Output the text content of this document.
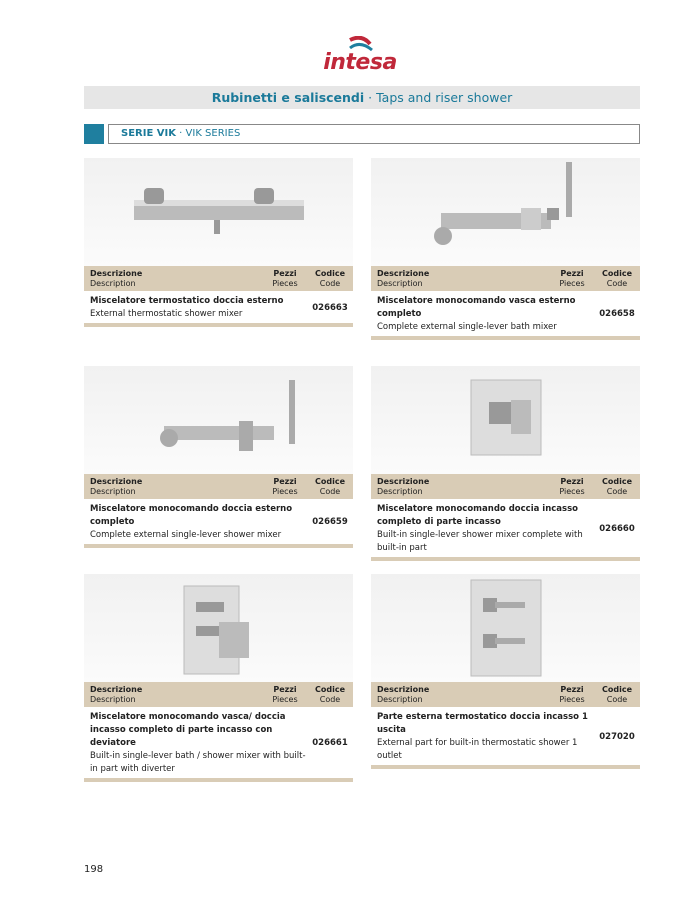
intesa
Rubinetti e saliscendi · Taps and riser shower
SERIE VIK · VIK SERIES
Descrizione
Description
Pezzi
Pieces
Codice
Code
Miscelatore termostatico doccia esterno
External thermostatic shower mixer
026663
Descrizione
Description
Pezzi
Pieces
Codice
Code
Miscelatore monocomando vasca esterno completo
Complete external single-lever bath mixer
026658
Descrizione
Description
Pezzi
Pieces
Codice
Code
Miscelatore monocomando doccia esterno completo
Complete external single-lever shower mixer
026659
Descrizione
Description
Pezzi
Pieces
Codice
Code
Miscelatore monocomando doccia incasso completo di parte incasso
Built-in single-lever shower mixer complete with built-in part
026660
Descrizione
Description
Pezzi
Pieces
Codice
Code
Miscelatore monocomando vasca/ doccia incasso completo di parte incasso con deviatore
Built-in single-lever bath / shower mixer with built-in part with diverter
026661
Descrizione
Description
Pezzi
Pieces
Codice
Code
Parte esterna termostatico doccia incasso 1 uscita
External part for built-in thermostatic shower 1 outlet
027020
198
